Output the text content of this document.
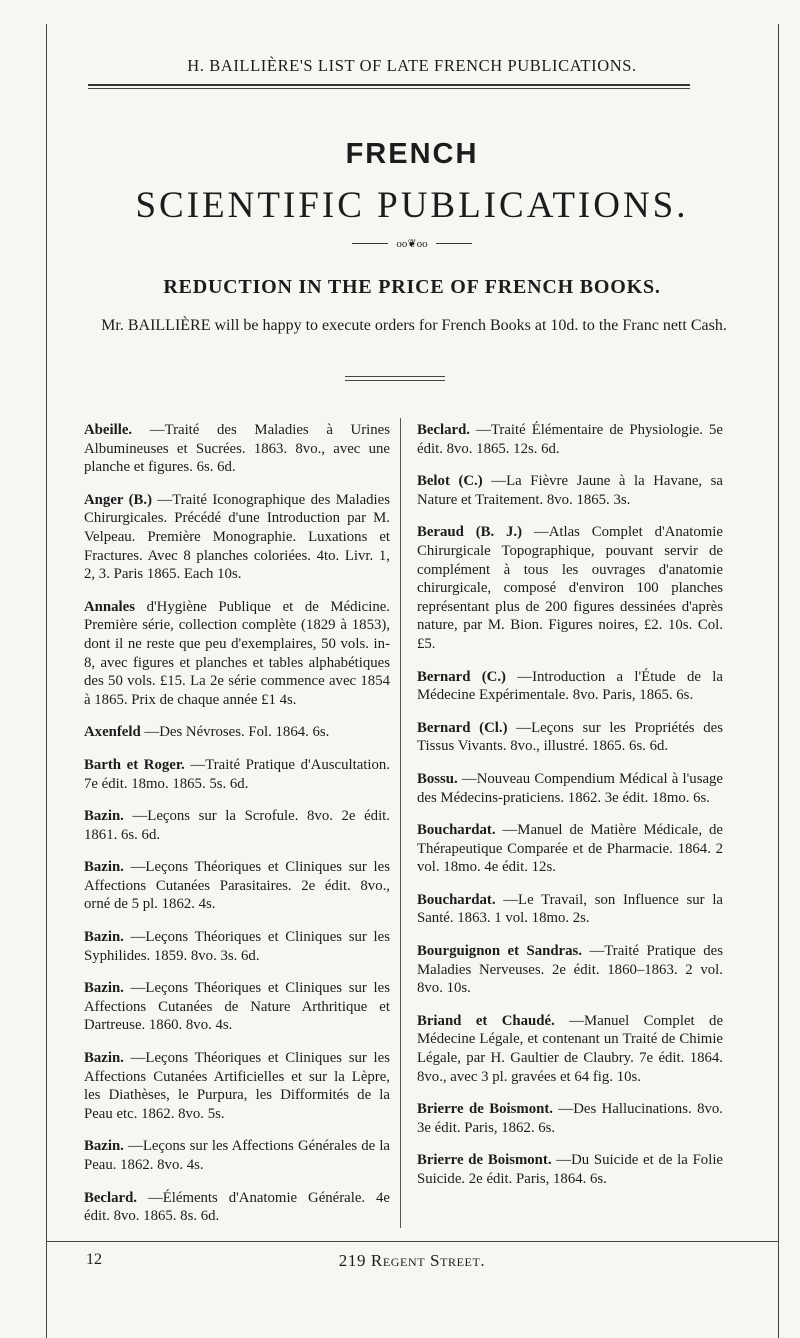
H. BAILLIÈRE'S LIST OF LATE FRENCH PUBLICATIONS.
FRENCH
SCIENTIFIC PUBLICATIONS.
oo❦oo
REDUCTION IN THE PRICE OF FRENCH BOOKS.
Mr. BAILLIÈRE will be happy to execute orders for French Books at 10d. to the Franc nett Cash.

Abeille. —Traité des Maladies à Urines Albumineuses et Sucrées. 1863. 8vo., avec une planche et figures. 6s. 6d.

Anger (B.) —Traité Iconographique des Maladies Chirurgicales. Précédé d'une Introduction par M. Velpeau. Première Monographie. Luxations et Fractures. Avec 8 planches coloriées. 4to. Livr. 1, 2, 3. Paris 1865. Each 10s.

Annales d'Hygiène Publique et de Médicine. Première série, collection complète (1829 à 1853), dont il ne reste que peu d'exemplaires, 50 vols. in-8, avec figures et planches et tables alphabétiques des 50 vols. £15. La 2e série commence avec 1854 à 1865. Prix de chaque année £1 4s.

Axenfeld —Des Névroses. Fol. 1864. 6s.

Barth et Roger. —Traité Pratique d'Auscultation. 7e édit. 18mo. 1865. 5s. 6d.

Bazin. —Leçons sur la Scrofule. 8vo. 2e édit. 1861. 6s. 6d.

Bazin. —Leçons Théoriques et Cliniques sur les Affections Cutanées Parasitaires. 2e édit. 8vo., orné de 5 pl. 1862. 4s.

Bazin. —Leçons Théoriques et Cliniques sur les Syphilides. 1859. 8vo. 3s. 6d.

Bazin. —Leçons Théoriques et Cliniques sur les Affections Cutanées de Nature Arthritique et Dartreuse. 1860. 8vo. 4s.

Bazin. —Leçons Théoriques et Cliniques sur les Affections Cutanées Artificielles et sur la Lèpre, les Diathèses, le Purpura, les Difformités de la Peau etc. 1862. 8vo. 5s.

Bazin. —Leçons sur les Affections Générales de la Peau. 1862. 8vo. 4s.

Beclard. —Éléments d'Anatomie Générale. 4e édit. 8vo. 1865. 8s. 6d.

Beclard. —Traité Élémentaire de Physiologie. 5e édit. 8vo. 1865. 12s. 6d.

Belot (C.) —La Fièvre Jaune à la Havane, sa Nature et Traitement. 8vo. 1865. 3s.

Beraud (B. J.) —Atlas Complet d'Anatomie Chirurgicale Topographique, pouvant servir de complément à tous les ouvrages d'anatomie chirurgicale, composé d'environ 100 planches représentant plus de 200 figures dessinées d'après nature, par M. Bion. Figures noires, £2. 10s. Col. £5.

Bernard (C.) —Introduction a l'Étude de la Médecine Expérimentale. 8vo. Paris, 1865. 6s.

Bernard (Cl.) —Leçons sur les Propriétés des Tissus Vivants. 8vo., illustré. 1865. 6s. 6d.

Bossu. —Nouveau Compendium Médical à l'usage des Médecins-praticiens. 1862. 3e édit. 18mo. 6s.

Bouchardat. —Manuel de Matière Médicale, de Thérapeutique Comparée et de Pharmacie. 1864. 2 vol. 18mo. 4e édit. 12s.

Bouchardat. —Le Travail, son Influence sur la Santé. 1863. 1 vol. 18mo. 2s.

Bourguignon et Sandras. —Traité Pratique des Maladies Nerveuses. 2e édit. 1860–1863. 2 vol. 8vo. 10s.

Briand et Chaudé. —Manuel Complet de Médecine Légale, et contenant un Traité de Chimie Légale, par H. Gaultier de Claubry. 7e édit. 1864. 8vo., avec 3 pl. gravées et 64 fig. 10s.

Brierre de Boismont. —Des Hallucinations. 8vo. 3e édit. Paris, 1862. 6s.

Brierre de Boismont. —Du Suicide et de la Folie Suicide. 2e édit. Paris, 1864. 6s.

12	219 Regent Street.
